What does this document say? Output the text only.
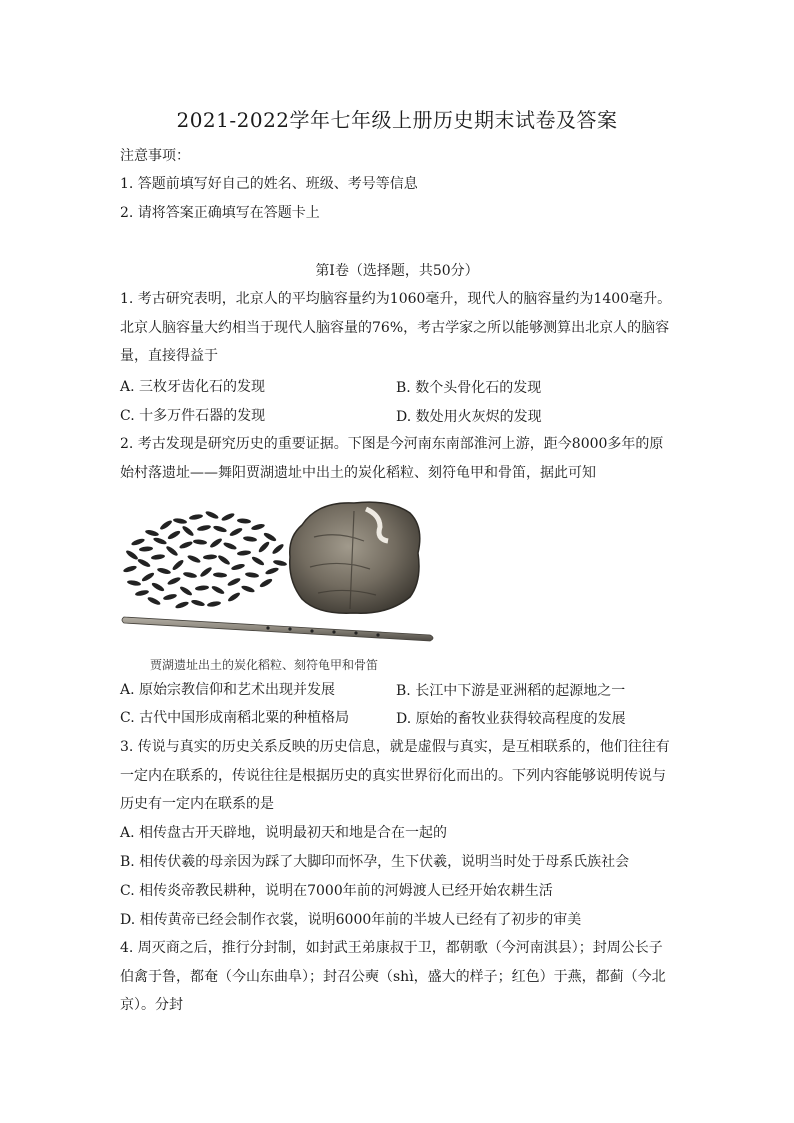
2021-2022学年七年级上册历史期末试卷及答案
注意事项：
1. 答题前填写好自己的姓名、班级、考号等信息
2. 请将答案正确填写在答题卡上
第Ⅰ卷（选择题，共50分）
1. 考古研究表明，北京人的平均脑容量约为1060毫升，现代人的脑容量约为1400毫升。
北京人脑容量大约相当于现代人脑容量的76%，考古学家之所以能够测算出北京人的脑容
量，直接得益于
A. 三枚牙齿化石的发现	B. 数个头骨化石的发现
C. 十多万件石器的发现	D. 数处用火灰烬的发现
2. 考古发现是研究历史的重要证据。下图是今河南东南部淮河上游，距今8000多年的原
始村落遗址——舞阳贾湖遗址中出土的炭化稻粒、刻符龟甲和骨笛，据此可知
贾湖遗址出土的炭化稻粒、刻符龟甲和骨笛
A. 原始宗教信仰和艺术出现并发展	B. 长江中下游是亚洲稻的起源地之一
C. 古代中国形成南稻北粟的种植格局	D. 原始的畜牧业获得较高程度的发展
3. 传说与真实的历史关系反映的历史信息，就是虚假与真实，是互相联系的，他们往往有
一定内在联系的，传说往往是根据历史的真实世界衍化而出的。下列内容能够说明传说与
历史有一定内在联系的是
A. 相传盘古开天辟地，说明最初天和地是合在一起的
B. 相传伏羲的母亲因为踩了大脚印而怀孕，生下伏羲，说明当时处于母系氏族社会
C. 相传炎帝教民耕种，说明在7000年前的河姆渡人已经开始农耕生活
D. 相传黄帝已经会制作衣裳，说明6000年前的半坡人已经有了初步的审美
4. 周灭商之后，推行分封制，如封武王弟康叔于卫，都朝歌（今河南淇县）；封周公长子
伯禽于鲁，都奄（今山东曲阜）；封召公奭（shì，盛大的样子；红色）于燕，都蓟（今北
京）。分封
